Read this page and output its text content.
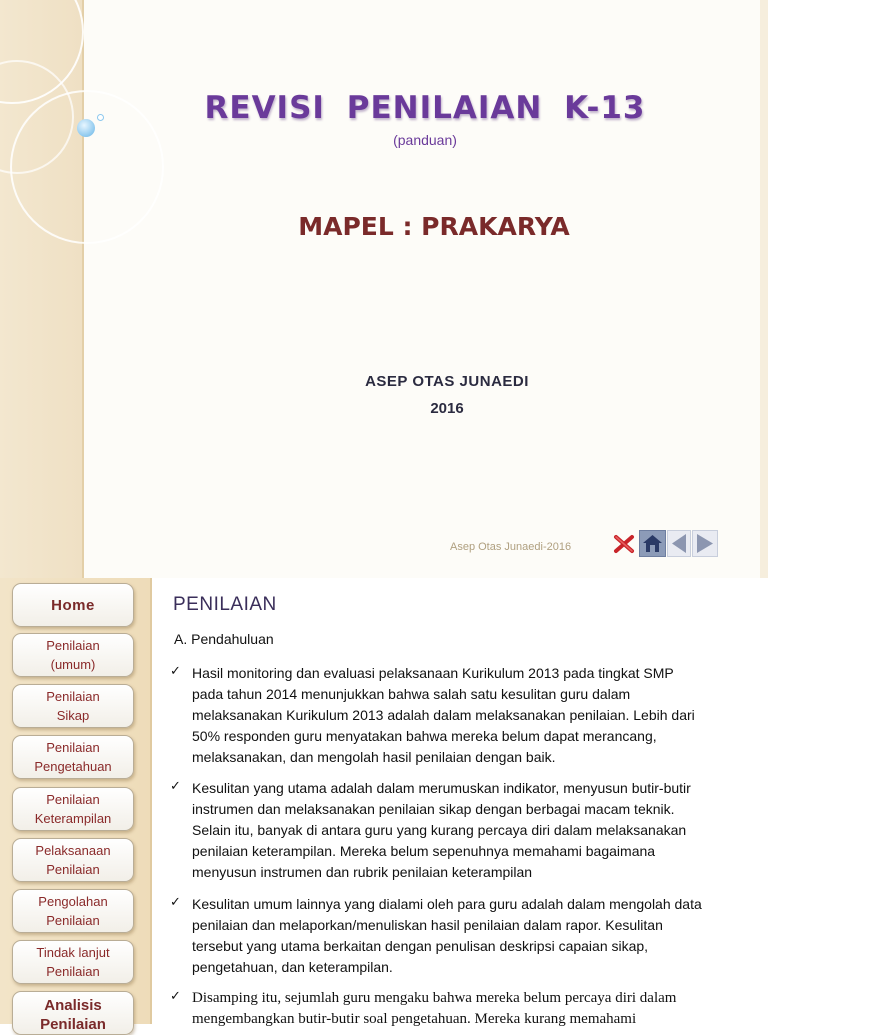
REVISI PENILAIAN K-13
(panduan)
MAPEL : PRAKARYA
ASEP OTAS JUNAEDI
2016
Asep Otas Junaedi-2016
Home
Penilaian
(umum)
Penilaian
Sikap
Penilaian
Pengetahuan
Penilaian
Keterampilan
Pelaksanaan
Penilaian
Pengolahan
Penilaian
Tindak lanjut
Penilaian
Analisis
Penilaian
PENILAIAN
A. Pendahuluan
✓ Hasil monitoring dan evaluasi pelaksanaan Kurikulum 2013 pada tingkat SMP
pada tahun 2014 menunjukkan bahwa salah satu kesulitan guru dalam
melaksanakan Kurikulum 2013 adalah dalam melaksanakan penilaian. Lebih dari
50% responden guru menyatakan bahwa mereka belum dapat merancang,
melaksanakan, dan mengolah hasil penilaian dengan baik.
✓ Kesulitan yang utama adalah dalam merumuskan indikator, menyusun butir-butir
instrumen dan melaksanakan penilaian sikap dengan berbagai macam teknik.
Selain itu, banyak di antara guru yang kurang percaya diri dalam melaksanakan
penilaian keterampilan. Mereka belum sepenuhnya memahami bagaimana
menyusun instrumen dan rubrik penilaian keterampilan
✓ Kesulitan umum lainnya yang dialami oleh para guru adalah dalam mengolah data
penilaian dan melaporkan/menuliskan hasil penilaian dalam rapor. Kesulitan
tersebut yang utama berkaitan dengan penulisan deskripsi capaian sikap,
pengetahuan, dan keterampilan.
✓ Disamping itu, sejumlah guru mengaku bahwa mereka belum percaya diri dalam
mengembangkan butir-butir soal pengetahuan. Mereka kurang memahami
